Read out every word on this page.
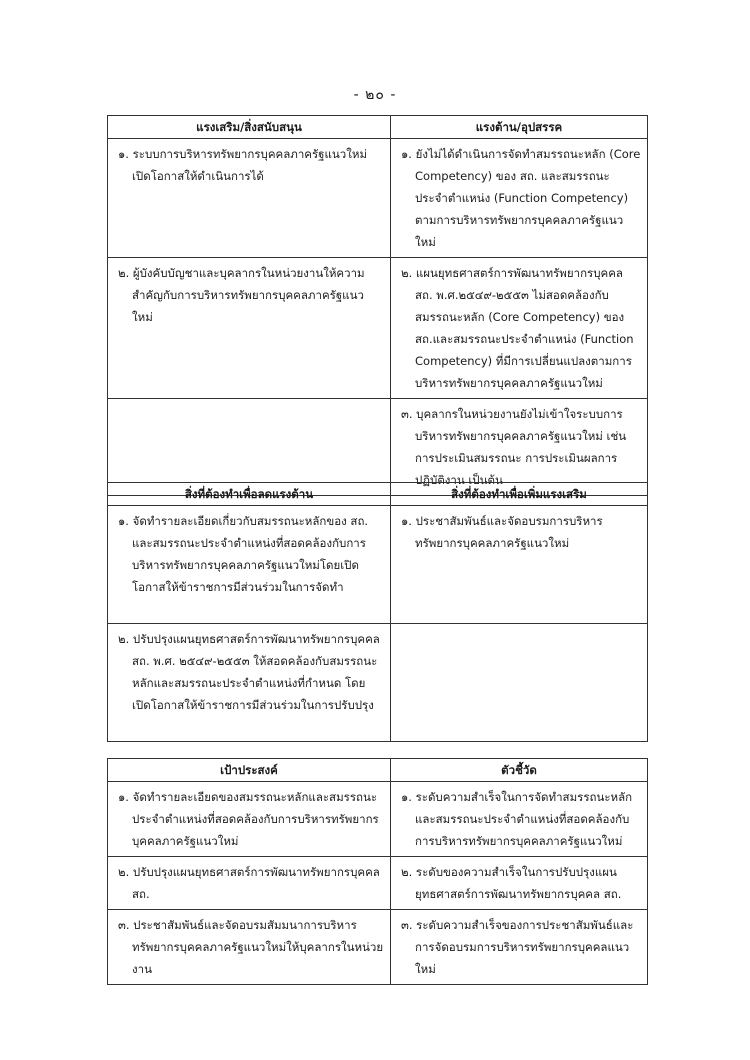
- ๒๐ -
แรงเสริม/สิ่งสนับสนุน	แรงต้าน/อุปสรรค

๑. ระบบการบริหารทรัพยากรบุคคลภาครัฐแนวใหม่เปิดโอกาสให้ดำเนินการได้	๑. ยังไม่ได้ดำเนินการจัดทำสมรรถนะหลัก (Core Competency) ของ สถ. และสมรรถนะประจำตำแหน่ง (Function Competency) ตามการบริหารทรัพยากรบุคคลภาครัฐแนวใหม่

๒. ผู้บังคับบัญชาและบุคลากรในหน่วยงานให้ความสำคัญกับการบริหารทรัพยากรบุคคลภาครัฐแนวใหม่	๒. แผนยุทธศาสตร์การพัฒนาทรัพยากรบุคคล สถ. พ.ศ.๒๕๔๙-๒๕๕๓ ไม่สอดคล้องกับสมรรถนะหลัก (Core Competency) ของ สถ.และสมรรถนะประจำตำแหน่ง (Function Competency) ที่มีการเปลี่ยนแปลงตามการบริหารทรัพยากรบุคคลภาครัฐแนวใหม่

	๓. บุคลากรในหน่วยงานยังไม่เข้าใจระบบการบริหารทรัพยากรบุคคลภาครัฐแนวใหม่ เช่น การประเมินสมรรถนะ การประเมินผลการปฏิบัติงาน เป็นต้น
สิ่งที่ต้องทำเพื่อลดแรงต้าน	สิ่งที่ต้องทำเพื่อเพิ่มแรงเสริม

๑. จัดทำรายละเอียดเกี่ยวกับสมรรถนะหลักของ สถ. และสมรรถนะประจำตำแหน่งที่สอดคล้องกับการบริหารทรัพยากรบุคคลภาครัฐแนวใหม่โดยเปิดโอกาสให้ข้าราชการมีส่วนร่วมในการจัดทำ	๑. ประชาสัมพันธ์และจัดอบรมการบริหารทรัพยากรบุคคลภาครัฐแนวใหม่

๒. ปรับปรุงแผนยุทธศาสตร์การพัฒนาทรัพยากรบุคคล สถ. พ.ศ. ๒๕๔๙-๒๕๕๓ ให้สอดคล้องกับสมรรถนะหลักและสมรรถนะประจำตำแหน่งที่กำหนด โดยเปิดโอกาสให้ข้าราชการมีส่วนร่วมในการปรับปรุง	

เป้าประสงค์	ตัวชี้วัด

๑. จัดทำรายละเอียดของสมรรถนะหลักและสมรรถนะประจำตำแหน่งที่สอดคล้องกับการบริหารทรัพยากรบุคคลภาครัฐแนวใหม่	๑. ระดับความสำเร็จในการจัดทำสมรรถนะหลักและสมรรถนะประจำตำแหน่งที่สอดคล้องกับการบริหารทรัพยากรบุคคลภาครัฐแนวใหม่

๒. ปรับปรุงแผนยุทธศาสตร์การพัฒนาทรัพยากรบุคคล สถ.	๒. ระดับของความสำเร็จในการปรับปรุงแผนยุทธศาสตร์การพัฒนาทรัพยากรบุคคล สถ.

๓. ประชาสัมพันธ์และจัดอบรมสัมมนาการบริหารทรัพยากรบุคคลภาครัฐแนวใหม่ให้บุคลากรในหน่วยงาน	๓. ระดับความสำเร็จของการประชาสัมพันธ์และการจัดอบรมการบริหารทรัพยากรบุคคลแนวใหม่
